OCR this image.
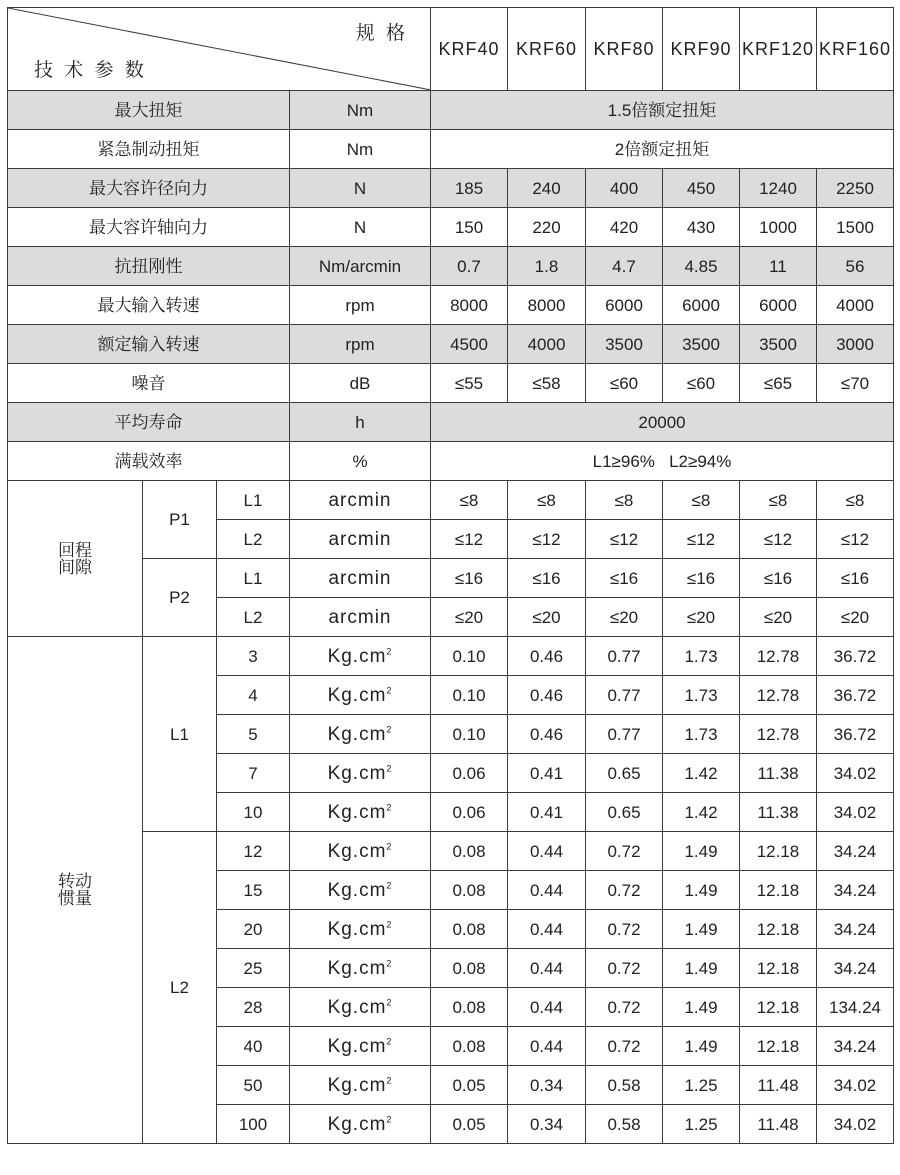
规 格
技 术 参 数				KRF40	KRF60	KRF80	KRF90	KRF120	KRF160
最大扭矩			Nm	1.5倍额定扭矩					
紧急制动扭矩			Nm	2倍额定扭矩					
最大容许径向力			N	185	240	400	450	1240	2250
最大容许轴向力			N	150	220	420	430	1000	1500
抗扭刚性			Nm/arcmin	0.7	1.8	4.7	4.85	11	56
最大输入转速			rpm	8000	8000	6000	6000	6000	4000
额定输入转速			rpm	4500	4000	3500	3500	3500	3000
噪音			dB	≤55	≤58	≤60	≤60	≤65	≤70
平均寿命			h	20000					
满载效率			%	L1≥96%   L2≥94%					
回程
间隙	P1	L1	arcmin	≤8	≤8	≤8	≤8	≤8	≤8
		L2	arcmin	≤12	≤12	≤12	≤12	≤12	≤12
	P2	L1	arcmin	≤16	≤16	≤16	≤16	≤16	≤16
		L2	arcmin	≤20	≤20	≤20	≤20	≤20	≤20
转动
惯量	L1	3	$Kg.cm^2$	0.10	0.46	0.77	1.73	12.78	36.72
		4	$Kg.cm^2$	0.10	0.46	0.77	1.73	12.78	36.72
		5	$Kg.cm^2$	0.10	0.46	0.77	1.73	12.78	36.72
		7	$Kg.cm^2$	0.06	0.41	0.65	1.42	11.38	34.02
		10	$Kg.cm^2$	0.06	0.41	0.65	1.42	11.38	34.02
	L2	12	$Kg.cm^2$	0.08	0.44	0.72	1.49	12.18	34.24
		15	$Kg.cm^2$	0.08	0.44	0.72	1.49	12.18	34.24
		20	$Kg.cm^2$	0.08	0.44	0.72	1.49	12.18	34.24
		25	$Kg.cm^2$	0.08	0.44	0.72	1.49	12.18	34.24
		28	$Kg.cm^2$	0.08	0.44	0.72	1.49	12.18	134.24
		40	$Kg.cm^2$	0.08	0.44	0.72	1.49	12.18	34.24
		50	$Kg.cm^2$	0.05	0.34	0.58	1.25	11.48	34.02
		100	$Kg.cm^2$	0.05	0.34	0.58	1.25	11.48	34.02
